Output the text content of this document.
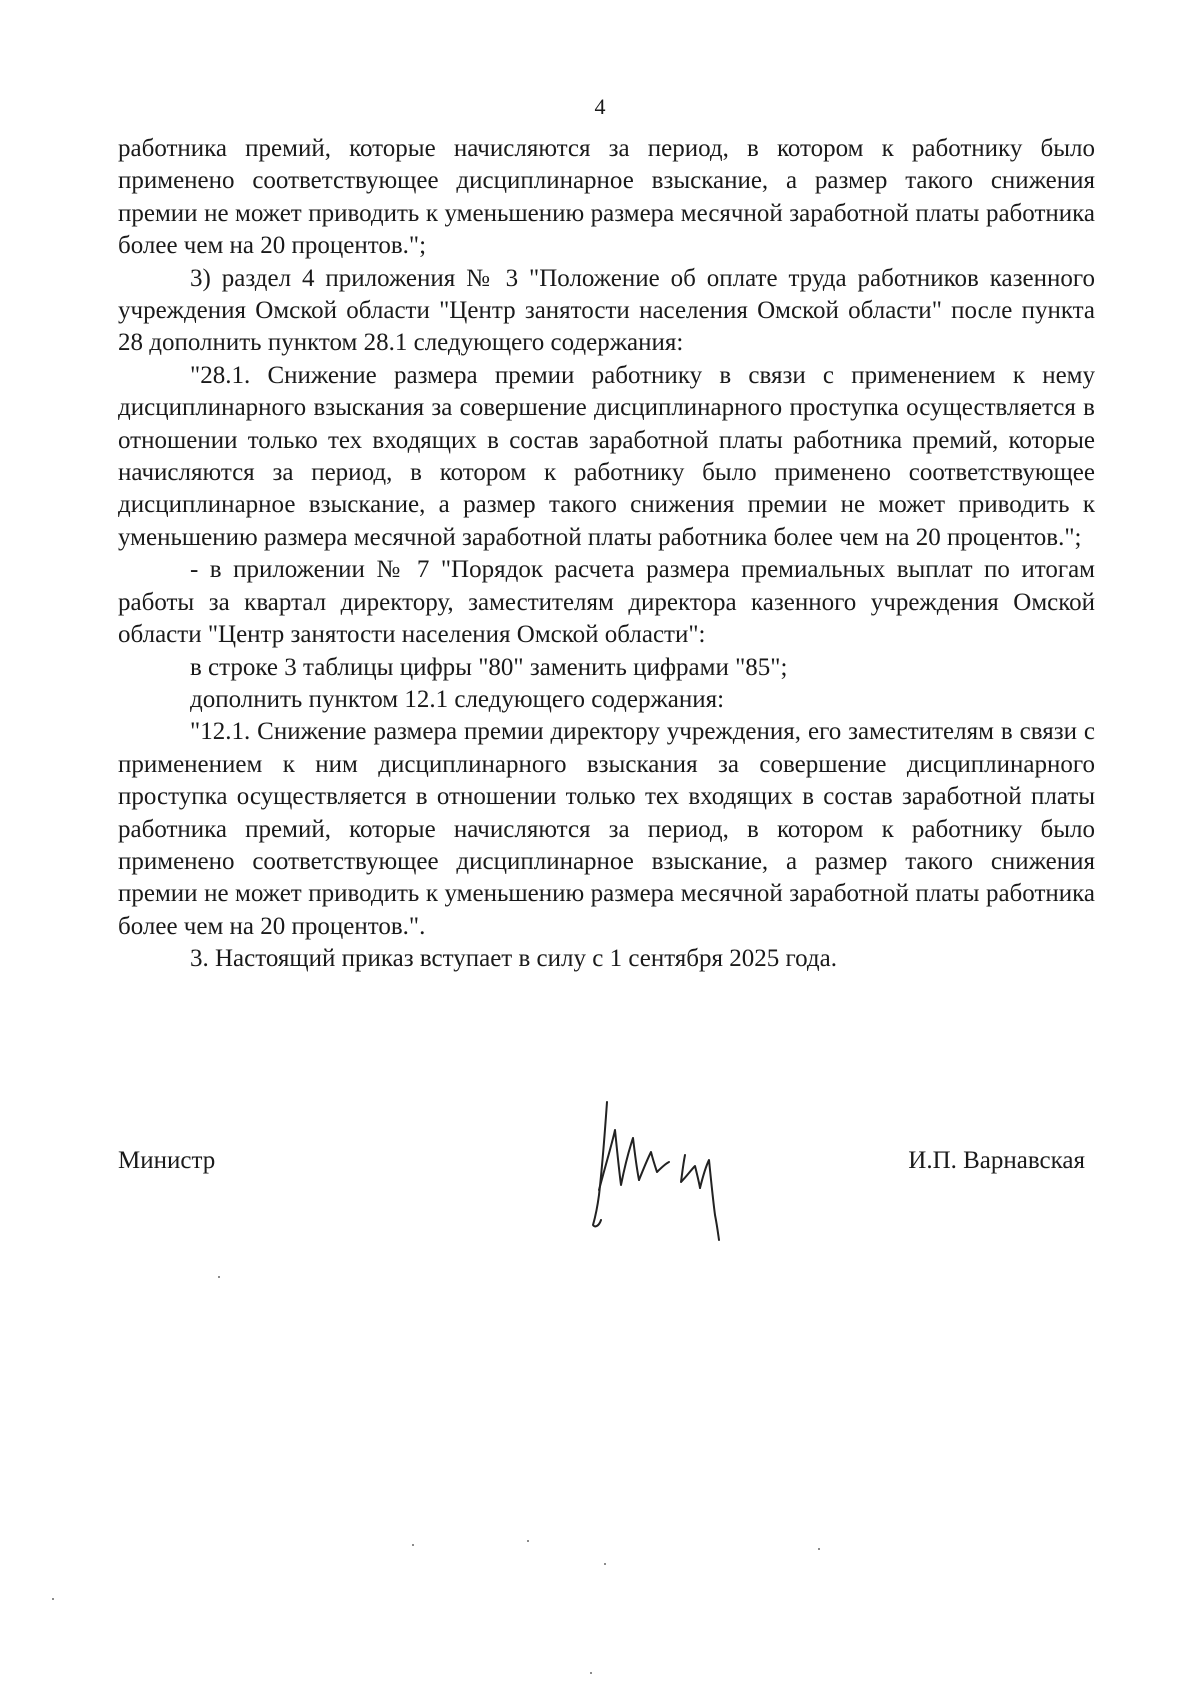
4

работника премий, которые начисляются за период, в котором к работнику было применено соответствующее дисциплинарное взыскание, а размер такого снижения премии не может приводить к уменьшению размера месячной заработной платы работника более чем на 20 процентов.";

3) раздел 4 приложения № 3 "Положение об оплате труда работников казенного учреждения Омской области "Центр занятости населения Омской области" после пункта 28 дополнить пунктом 28.1 следующего содержания:

"28.1. Снижение размера премии работнику в связи с применением к нему дисциплинарного взыскания за совершение дисциплинарного проступка осуществляется в отношении только тех входящих в состав заработной платы работника премий, которые начисляются за период, в котором к работнику было применено соответствующее дисциплинарное взыскание, а размер такого снижения премии не может приводить к уменьшению размера месячной заработной платы работника более чем на 20 процентов.";

- в приложении № 7 "Порядок расчета размера премиальных выплат по итогам работы за квартал директору, заместителям директора казенного учреждения Омской области "Центр занятости населения Омской области":

в строке 3 таблицы цифры "80" заменить цифрами "85";

дополнить пунктом 12.1 следующего содержания:

"12.1. Снижение размера премии директору учреждения, его заместителям в связи с применением к ним дисциплинарного взыскания за совершение дисциплинарного проступка осуществляется в отношении только тех входящих в состав заработной платы работника премий, которые начисляются за период, в котором к работнику было применено соответствующее дисциплинарное взыскание, а размер такого снижения премии не может приводить к уменьшению размера месячной заработной платы работника более чем на 20 процентов.".

3. Настоящий приказ вступает в силу с 1 сентября 2025 года.

Министр	И.П. Варнавская
